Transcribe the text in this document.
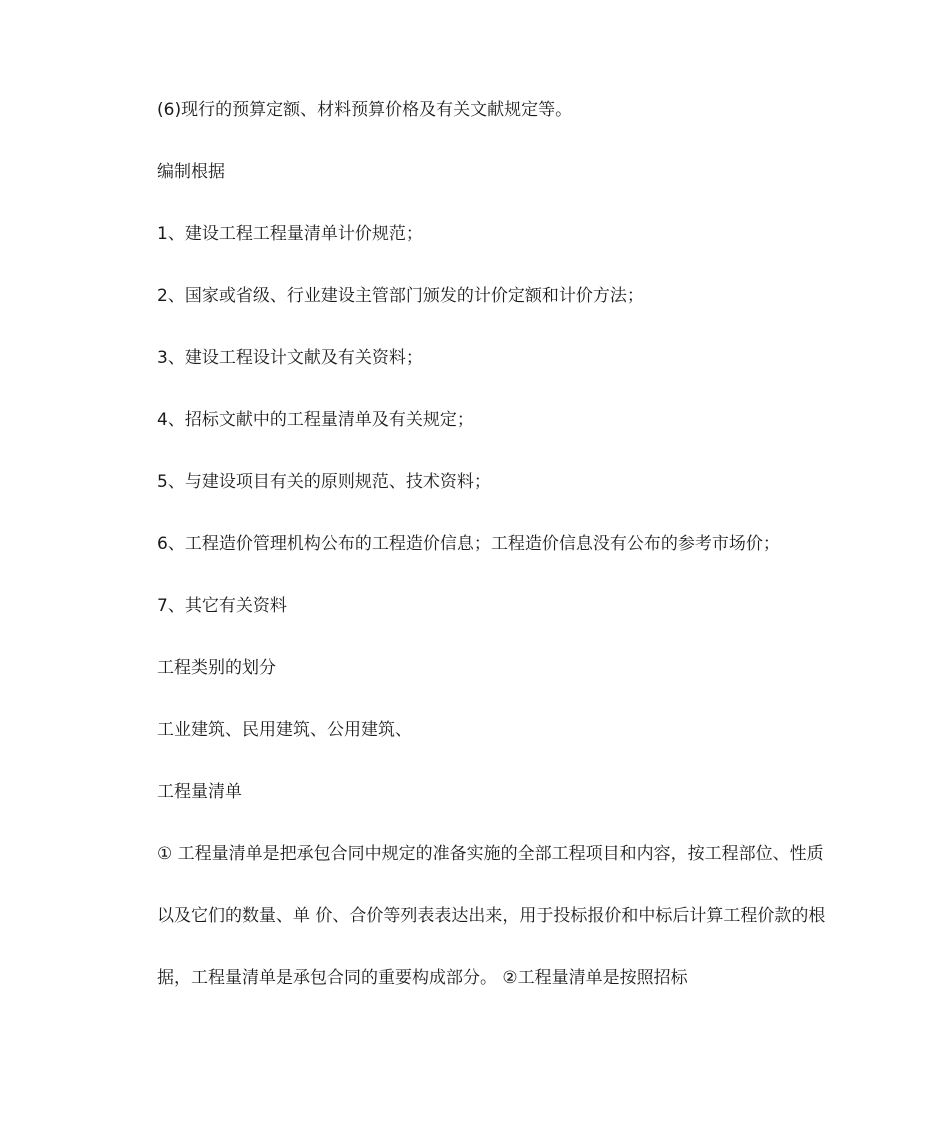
(6)现行的预算定额、材料预算价格及有关文献规定等。
编制根据
1、建设工程工程量清单计价规范；
2、国家或省级、行业建设主管部门颁发的计价定额和计价方法；
3、建设工程设计文献及有关资料；
4、招标文献中的工程量清单及有关规定；
5、与建设项目有关的原则规范、技术资料；
6、工程造价管理机构公布的工程造价信息；工程造价信息没有公布的参考市场价；
7、其它有关资料
工程类别的划分
工业建筑、民用建筑、公用建筑、
工程量清单
① 工程量清单是把承包合同中规定的准备实施的全部工程项目和内容，按工程部位、性质以及它们的数量、单 价、合价等列表表达出来，用于投标报价和中标后计算工程价款的根据，工程量清单是承包合同的重要构成部分。 ②工程量清单是按照招标
